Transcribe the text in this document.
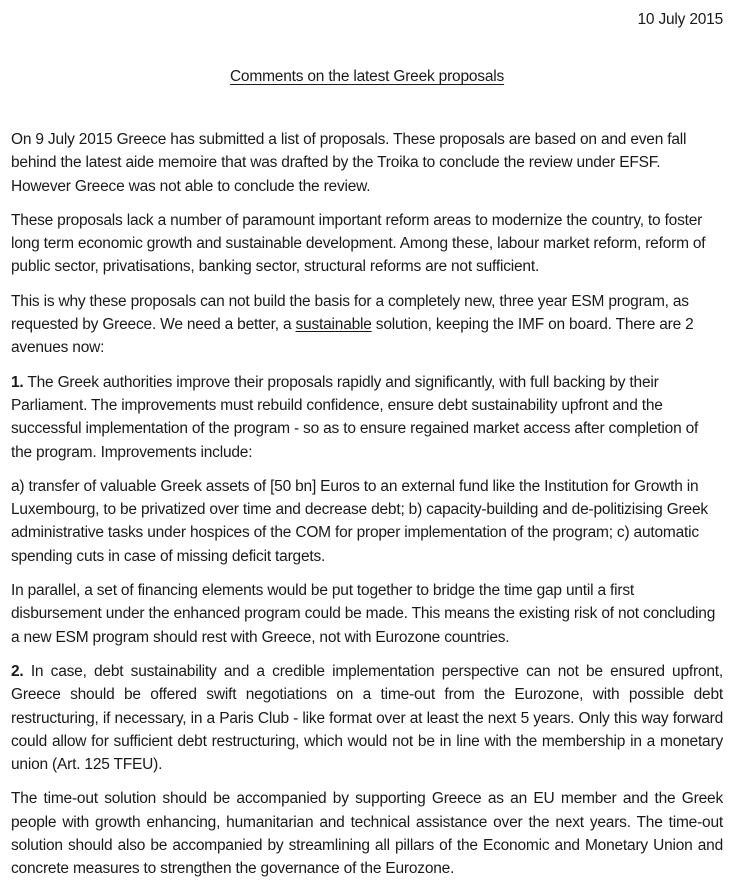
10 July 2015
Comments on the latest Greek proposals

On 9 July 2015 Greece has submitted a list of proposals. These proposals are based on and even fall behind the latest aide memoire that was drafted by the Troika to conclude the review under EFSF. However Greece was not able to conclude the review.

These proposals lack a number of paramount important reform areas to modernize the country, to foster long term economic growth and sustainable development. Among these, labour market reform, reform of public sector, privatisations, banking sector, structural reforms are not sufficient.

This is why these proposals can not build the basis for a completely new, three year ESM program, as requested by Greece. We need a better, a sustainable solution, keeping the IMF on board. There are 2 avenues now:

1. The Greek authorities improve their proposals rapidly and significantly, with full backing by their Parliament. The improvements must rebuild confidence, ensure debt sustainability upfront and the successful implementation of the program - so as to ensure regained market access after completion of the program. Improvements include:

a) transfer of valuable Greek assets of [50 bn] Euros to an external fund like the Institution for Growth in Luxembourg, to be privatized over time and decrease debt; b) capacity-building and de-politizising Greek administrative tasks under hospices of the COM for proper implementation of the program; c) automatic spending cuts in case of missing deficit targets.

In parallel, a set of financing elements would be put together to bridge the time gap until a first disbursement under the enhanced program could be made. This means the existing risk of not concluding a new ESM program should rest with Greece, not with Eurozone countries.

2. In case, debt sustainability and a credible implementation perspective can not be ensured upfront, Greece should be offered swift negotiations on a time-out from the Eurozone, with possible debt restructuring, if necessary, in a Paris Club - like format over at least the next 5 years. Only this way forward could allow for sufficient debt restructuring, which would not be in line with the membership in a monetary union (Art. 125 TFEU).

The time-out solution should be accompanied by supporting Greece as an EU member and the Greek people with growth enhancing, humanitarian and technical assistance over the next years. The time-out solution should also be accompanied by streamlining all pillars of the Economic and Monetary Union and concrete measures to strengthen the governance of the Eurozone.
